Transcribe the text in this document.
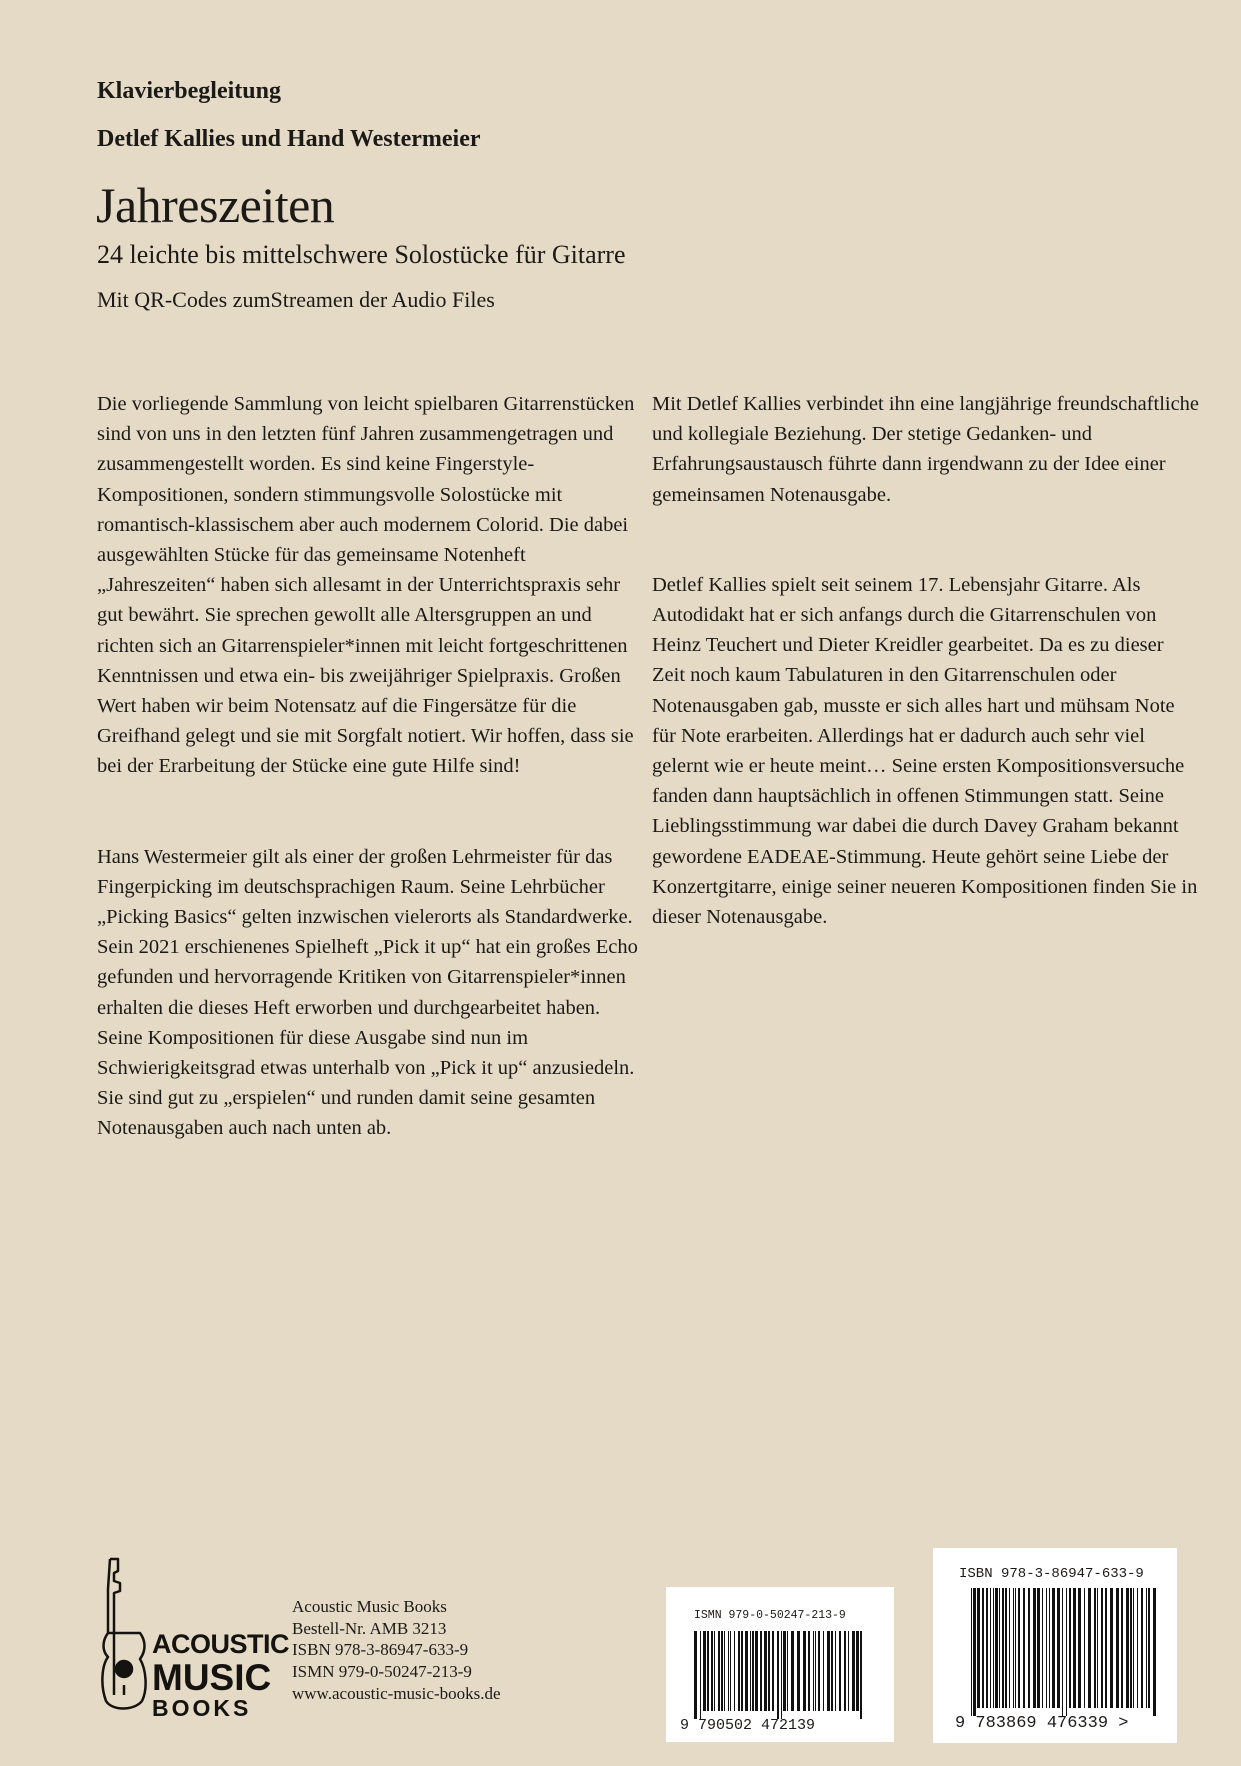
Klavierbegleitung
Detlef Kallies und Hand Westermeier
Jahreszeiten
24 leichte bis mittelschwere Solostücke für Gitarre
Mit QR-Codes zumStreamen der Audio Files

Die vorliegende Sammlung von leicht spielbaren Gitarrenstücken sind von uns in den letzten fünf Jahren zusammengetragen und zusammengestellt worden. Es sind keine Fingerstyle-Kompositionen, sondern stimmungsvolle Solostücke mit romantisch-klassischem aber auch modernem Colorid. Die dabei ausgewählten Stücke für das gemeinsame Notenheft „Jahreszeiten“ haben sich allesamt in der Unterrichtspraxis sehr gut bewährt. Sie sprechen gewollt alle Altersgruppen an und richten sich an Gitarrenspieler*innen mit leicht fortgeschrittenen Kenntnissen und etwa ein- bis zweijähriger Spielpraxis. Großen Wert haben wir beim Notensatz auf die Fingersätze für die Greifhand gelegt und sie mit Sorgfalt notiert. Wir hoffen, dass sie bei der Erarbeitung der Stücke eine gute Hilfe sind!

Hans Westermeier gilt als einer der großen Lehrmeister für das Fingerpicking im deutschsprachigen Raum. Seine Lehrbücher „Picking Basics“ gelten inzwischen vielerorts als Standardwerke. Sein 2021 erschienenes Spielheft „Pick it up“ hat ein großes Echo gefunden und hervorragende Kritiken von Gitarrenspieler*innen erhalten die dieses Heft erworben und durchgearbeitet haben. Seine Kompositionen für diese Ausgabe sind nun im Schwierigkeitsgrad etwas unterhalb von „Pick it up“ anzusiedeln. Sie sind gut zu „erspielen“ und runden damit seine gesamten Notenausgaben auch nach unten ab.

Mit Detlef Kallies verbindet ihn eine langjährige freundschaftliche und kollegiale Beziehung. Der stetige Gedanken- und Erfahrungsaustausch führte dann irgendwann zu der Idee einer gemeinsamen Notenausgabe.

Detlef Kallies spielt seit seinem 17. Lebensjahr Gitarre. Als Autodidakt hat er sich anfangs durch die Gitarrenschulen von Heinz Teuchert und Dieter Kreidler gearbeitet. Da es zu dieser Zeit noch kaum Tabulaturen in den Gitarrenschulen oder Notenausgaben gab, musste er sich alles hart und mühsam Note für Note erarbeiten. Allerdings hat er dadurch auch sehr viel gelernt wie er heute meint… Seine ersten Kompositionsversuche fanden dann hauptsächlich in offenen Stimmungen statt. Seine Lieblingsstimmung war dabei die durch Davey Graham bekannt gewordene EADEAE-Stimmung. Heute gehört seine Liebe der Konzertgitarre, einige seiner neueren Kompositionen finden Sie in dieser Notenausgabe.

ACOUSTIC
MUSIC
BOOKS
Acoustic Music Books
Bestell-Nr. AMB 3213
ISBN 978-3-86947-633-9
ISMN 979-0-50247-213-9
www.acoustic-music-books.de
ISMN 979-0-50247-213-9
9 790502 472139
ISBN 978-3-86947-633-9
9 783869 476339 >
